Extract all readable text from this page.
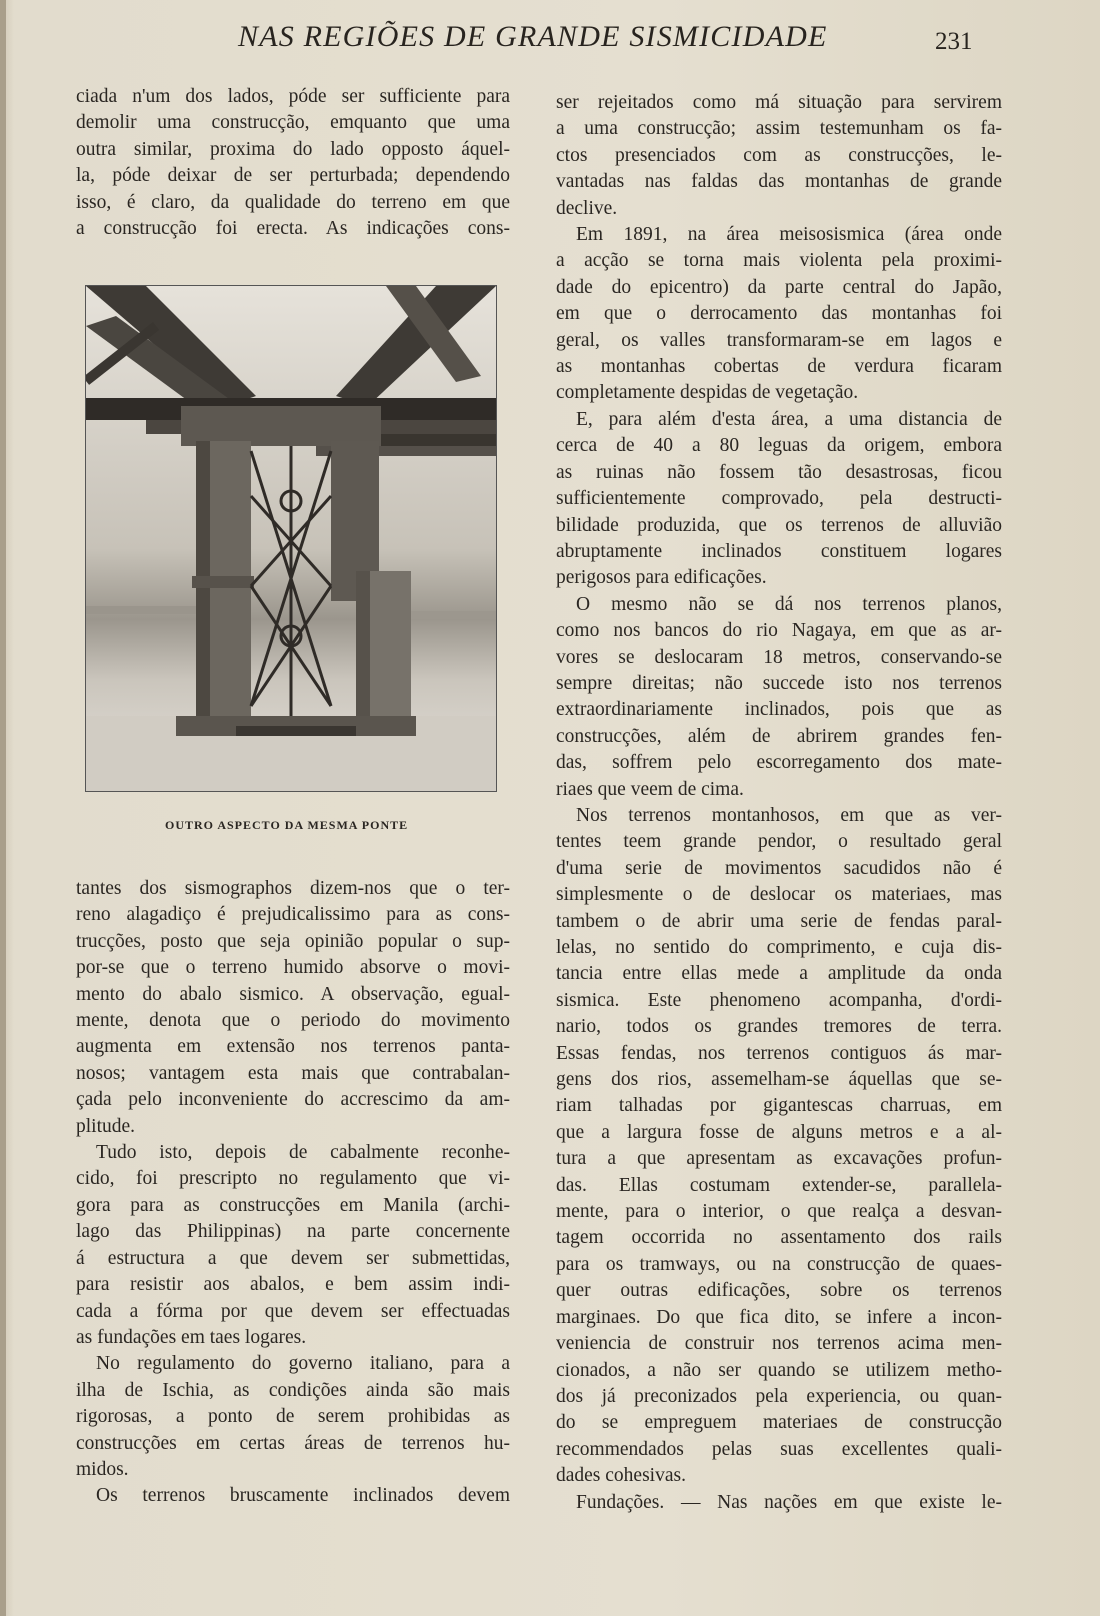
NAS REGIÕES DE GRANDE SISMICIDADE	231
ciada n'um dos lados, póde ser sufficiente para
demolir uma construcção, emquanto que uma
outra similar, proxima do lado opposto áquel-
la, póde deixar de ser perturbada; dependendo
isso, é claro, da qualidade do terreno em que
a construcção foi erecta. As indicações cons-
tantes dos sismographos dizem-nos que o ter-
reno alagadiço é prejudicalissimo para as cons-
trucções, posto que seja opinião popular o sup-
por-se que o terreno humido absorve o movi-
mento do abalo sismico. A observação, egual-
mente, denota que o periodo do movimento
augmenta em extensão nos terrenos panta-
nosos; vantagem esta mais que contrabalan-
çada pelo inconveniente do accrescimo da am-
plitude.
Tudo isto, depois de cabalmente reconhe-
cido, foi prescripto no regulamento que vi-
gora para as construcções em Manila (archi-
lago das Philippinas) na parte concernente
á estructura a que devem ser submettidas,
para resistir aos abalos, e bem assim indi-
cada a fórma por que devem ser effectuadas
as fundações em taes logares.
No regulamento do governo italiano, para a
ilha de Ischia, as condições ainda são mais
rigorosas, a ponto de serem prohibidas as
construcções em certas áreas de terrenos hu-
midos.
Os terrenos bruscamente inclinados devem
OUTRO ASPECTO DA MESMA PONTE
ser rejeitados como má situação para servirem
a uma construcção; assim testemunham os fa-
ctos presenciados com as construcções, le-
vantadas nas faldas das montanhas de grande
declive.
Em 1891, na área meisosismica (área onde
a acção se torna mais violenta pela proximi-
dade do epicentro) da parte central do Japão,
em que o derrocamento das montanhas foi
geral, os valles transformaram-se em lagos e
as montanhas cobertas de verdura ficaram
completamente despidas de vegetação.
E, para além d'esta área, a uma distancia de
cerca de 40 a 80 leguas da origem, embora
as ruinas não fossem tão desastrosas, ficou
sufficientemente comprovado, pela destructi-
bilidade produzida, que os terrenos de alluvião
abruptamente inclinados constituem logares
perigosos para edificações.
O mesmo não se dá nos terrenos planos,
como nos bancos do rio Nagaya, em que as ar-
vores se deslocaram 18 metros, conservando-se
sempre direitas; não succede isto nos terrenos
extraordinariamente inclinados, pois que as
construcções, além de abrirem grandes fen-
das, soffrem pelo escorregamento dos mate-
riaes que veem de cima.
Nos terrenos montanhosos, em que as ver-
tentes teem grande pendor, o resultado geral
d'uma serie de movimentos sacudidos não é
simplesmente o de deslocar os materiaes, mas
tambem o de abrir uma serie de fendas paral-
lelas, no sentido do comprimento, e cuja dis-
tancia entre ellas mede a amplitude da onda
sismica. Este phenomeno acompanha, d'ordi-
nario, todos os grandes tremores de terra.
Essas fendas, nos terrenos contiguos ás mar-
gens dos rios, assemelham-se áquellas que se-
riam talhadas por gigantescas charruas, em
que a largura fosse de alguns metros e a al-
tura a que apresentam as excavações profun-
das. Ellas costumam extender-se, parallela-
mente, para o interior, o que realça a desvan-
tagem occorrida no assentamento dos rails
para os tramways, ou na construcção de quaes-
quer outras edificações, sobre os terrenos
marginaes. Do que fica dito, se infere a incon-
veniencia de construir nos terrenos acima men-
cionados, a não ser quando se utilizem metho-
dos já preconizados pela experiencia, ou quan-
do se empreguem materiaes de construcção
recommendados pelas suas excellentes quali-
dades cohesivas.
Fundações. — Nas nações em que existe le-
